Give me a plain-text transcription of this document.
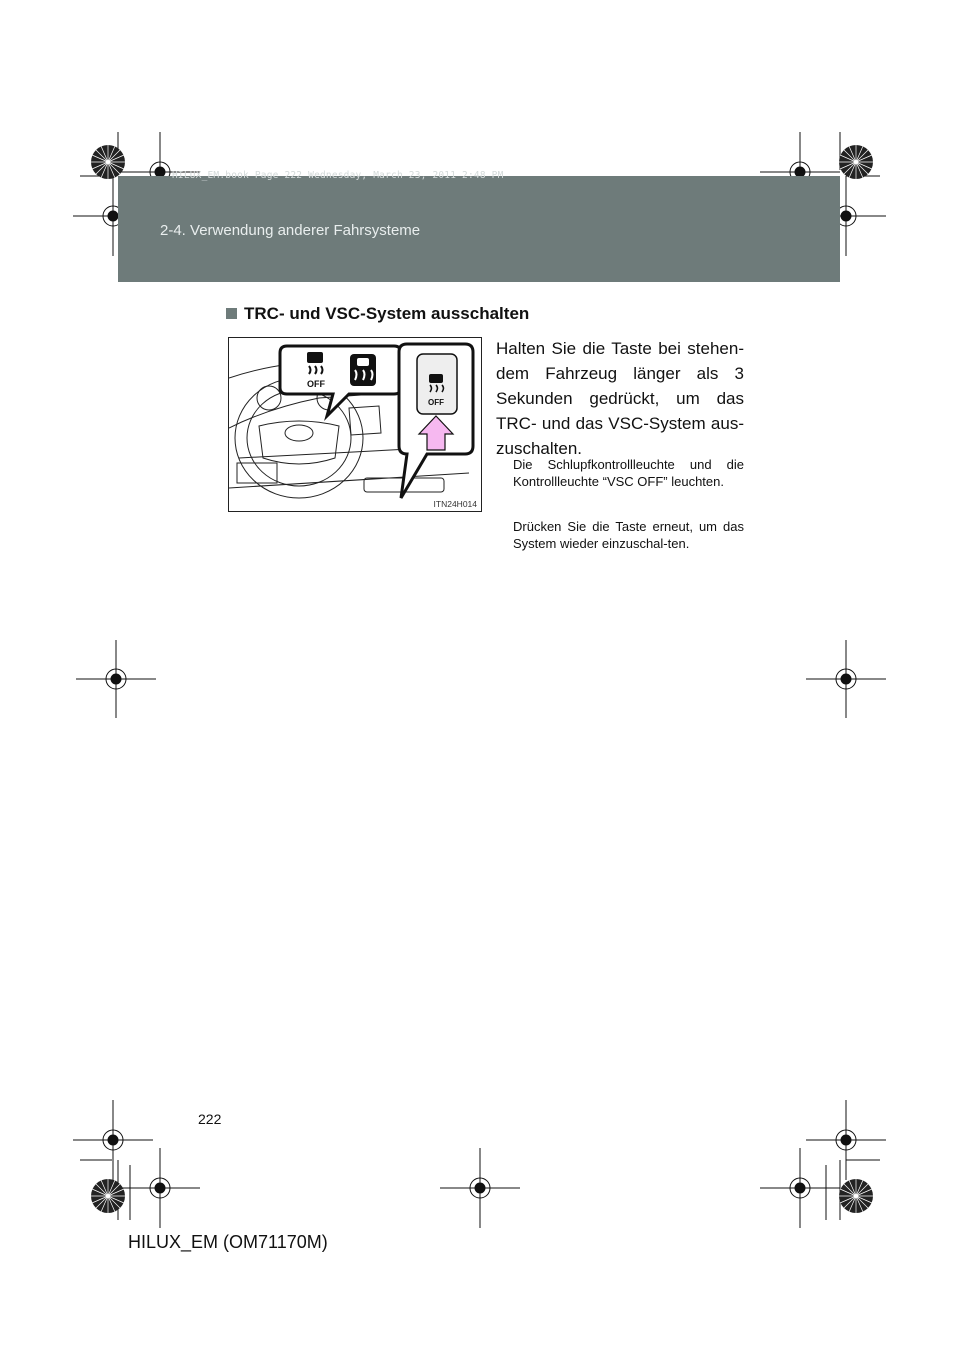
HILUX_EM.book Page 222 Wednesday, March 23, 2011 2:48 PM
2-4. Verwendung anderer Fahrsysteme
TRC- und VSC-System ausschalten
OFF
OFF
ITN24H014

Halten Sie die Taste bei stehen-dem Fahrzeug länger als 3 Sekunden gedrückt, um das TRC- und das VSC-System aus-zuschalten.

Die Schlupfkontrollleuchte und die Kontrollleuchte “VSC OFF” leuchten.

Drücken Sie die Taste erneut, um das System wieder einzuschal-ten.

222
HILUX_EM (OM71170M)
